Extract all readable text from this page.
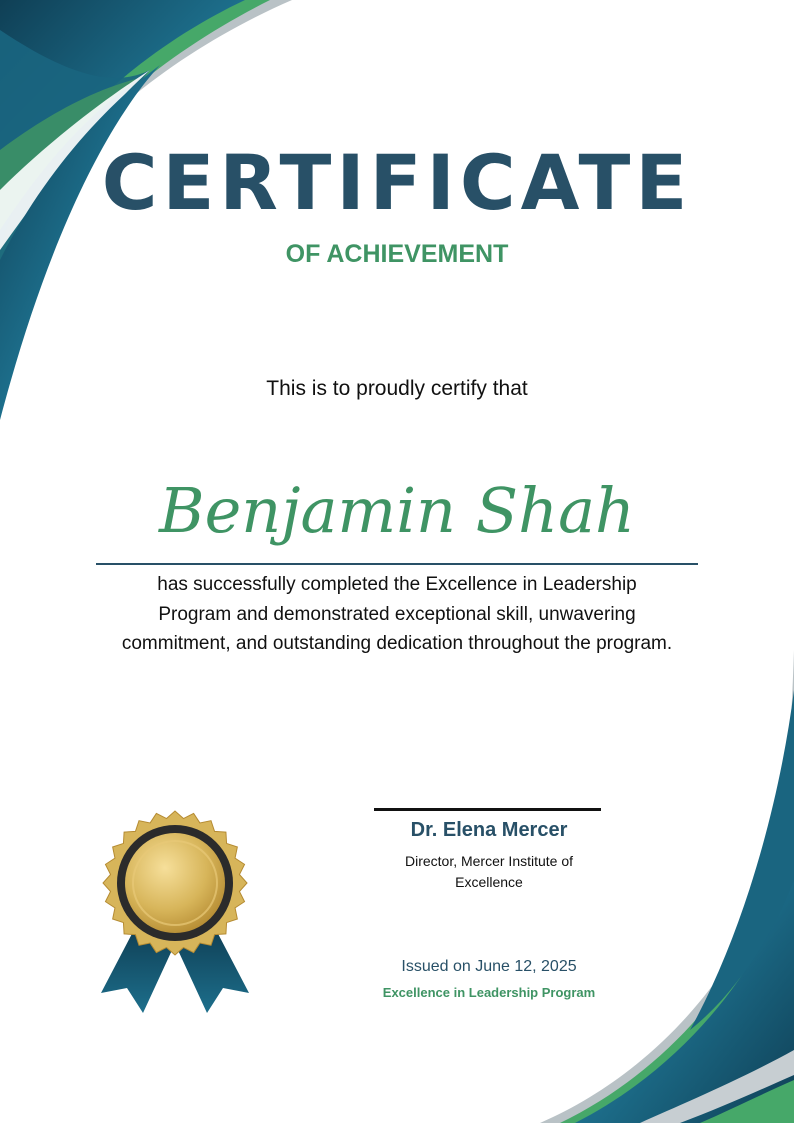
CERTIFICATE
OF ACHIEVEMENT
This is to proudly certify that
Benjamin Shah
has successfully completed the Excellence in Leadership Program and demonstrated exceptional skill, unwavering commitment, and outstanding dedication throughout the program.
Dr. Elena Mercer
Director, Mercer Institute of Excellence
Issued on June 12, 2025
Excellence in Leadership Program
